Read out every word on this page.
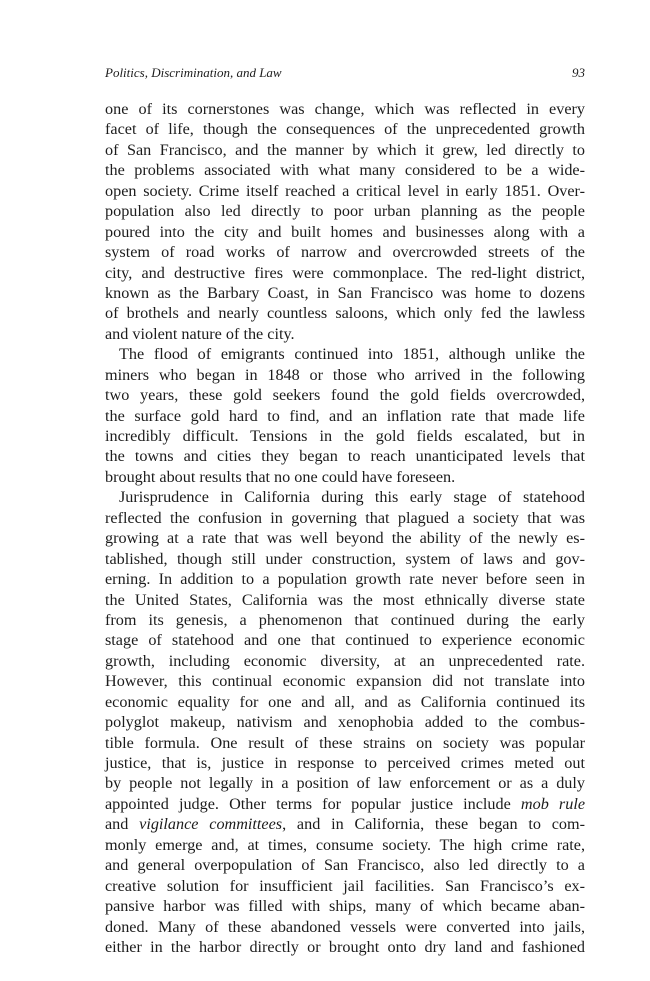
Politics, Discrimination, and Law	93
one of its cornerstones was change, which was reflected in every
facet of life, though the consequences of the unprecedented growth
of San Francisco, and the manner by which it grew, led directly to
the problems associated with what many considered to be a wide-
open society. Crime itself reached a critical level in early 1851. Over-
population also led directly to poor urban planning as the people
poured into the city and built homes and businesses along with a
system of road works of narrow and overcrowded streets of the
city, and destructive fires were commonplace. The red-light district,
known as the Barbary Coast, in San Francisco was home to dozens
of brothels and nearly countless saloons, which only fed the lawless
and violent nature of the city.
The flood of emigrants continued into 1851, although unlike the
miners who began in 1848 or those who arrived in the following
two years, these gold seekers found the gold fields overcrowded,
the surface gold hard to find, and an inflation rate that made life
incredibly difficult. Tensions in the gold fields escalated, but in
the towns and cities they began to reach unanticipated levels that
brought about results that no one could have foreseen.
Jurisprudence in California during this early stage of statehood
reflected the confusion in governing that plagued a society that was
growing at a rate that was well beyond the ability of the newly es-
tablished, though still under construction, system of laws and gov-
erning. In addition to a population growth rate never before seen in
the United States, California was the most ethnically diverse state
from its genesis, a phenomenon that continued during the early
stage of statehood and one that continued to experience economic
growth, including economic diversity, at an unprecedented rate.
However, this continual economic expansion did not translate into
economic equality for one and all, and as California continued its
polyglot makeup, nativism and xenophobia added to the combus-
tible formula. One result of these strains on society was popular
justice, that is, justice in response to perceived crimes meted out
by people not legally in a position of law enforcement or as a duly
appointed judge. Other terms for popular justice include mob rule
and vigilance committees, and in California, these began to com-
monly emerge and, at times, consume society. The high crime rate,
and general overpopulation of San Francisco, also led directly to a
creative solution for insufficient jail facilities. San Francisco’s ex-
pansive harbor was filled with ships, many of which became aban-
doned. Many of these abandoned vessels were converted into jails,
either in the harbor directly or brought onto dry land and fashioned
